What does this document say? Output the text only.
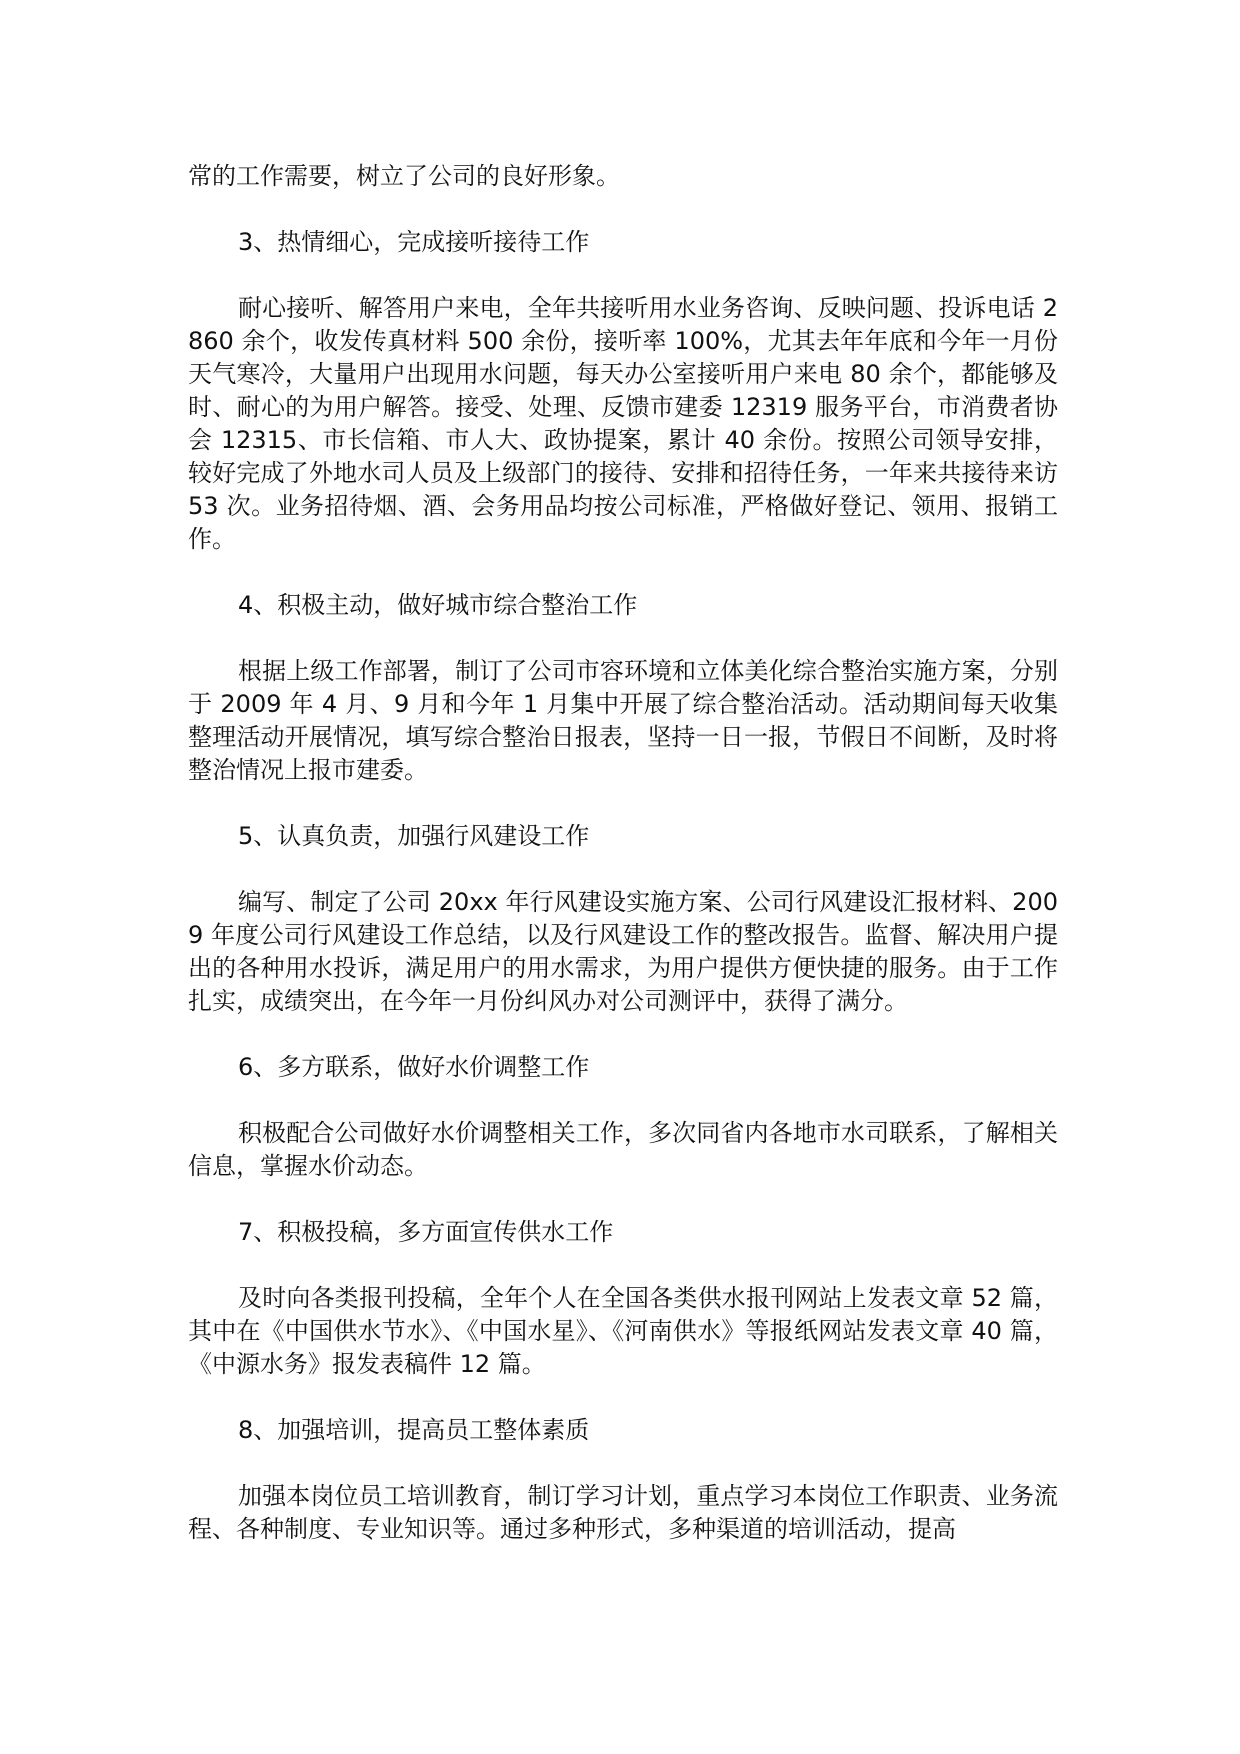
常的工作需要，树立了公司的良好形象。

3、热情细心，完成接听接待工作

耐心接听、解答用户来电，全年共接听用水业务咨询、反映问题、投诉电话 2860 余个，收发传真材料 500 余份，接听率 100%，尤其去年年底和今年一月份天气寒冷，大量用户出现用水问题，每天办公室接听用户来电 80 余个，都能够及时、耐心的为用户解答。接受、处理、反馈市建委 12319 服务平台，市消费者协会 12315、市长信箱、市人大、政协提案，累计 40 余份。按照公司领导安排，较好完成了外地水司人员及上级部门的接待、安排和招待任务，一年来共接待来访 53 次。业务招待烟、酒、会务用品均按公司标准，严格做好登记、领用、报销工作。

4、积极主动，做好城市综合整治工作

根据上级工作部署，制订了公司市容环境和立体美化综合整治实施方案，分别于 2009 年 4 月、9 月和今年 1 月集中开展了综合整治活动。活动期间每天收集整理活动开展情况，填写综合整治日报表，坚持一日一报，节假日不间断，及时将整治情况上报市建委。

5、认真负责，加强行风建设工作

编写、制定了公司 20xx 年行风建设实施方案、公司行风建设汇报材料、2009 年度公司行风建设工作总结，以及行风建设工作的整改报告。监督、解决用户提出的各种用水投诉，满足用户的用水需求，为用户提供方便快捷的服务。由于工作扎实，成绩突出，在今年一月份纠风办对公司测评中，获得了满分。

6、多方联系，做好水价调整工作

积极配合公司做好水价调整相关工作，多次同省内各地市水司联系，了解相关信息，掌握水价动态。

7、积极投稿，多方面宣传供水工作

及时向各类报刊投稿，全年个人在全国各类供水报刊网站上发表文章 52 篇，其中在《中国供水节水》、《中国水星》、《河南供水》等报纸网站发表文章 40 篇，《中源水务》报发表稿件 12 篇。

8、加强培训，提高员工整体素质

加强本岗位员工培训教育，制订学习计划，重点学习本岗位工作职责、业务流程、各种制度、专业知识等。通过多种形式，多种渠道的培训活动，提高
